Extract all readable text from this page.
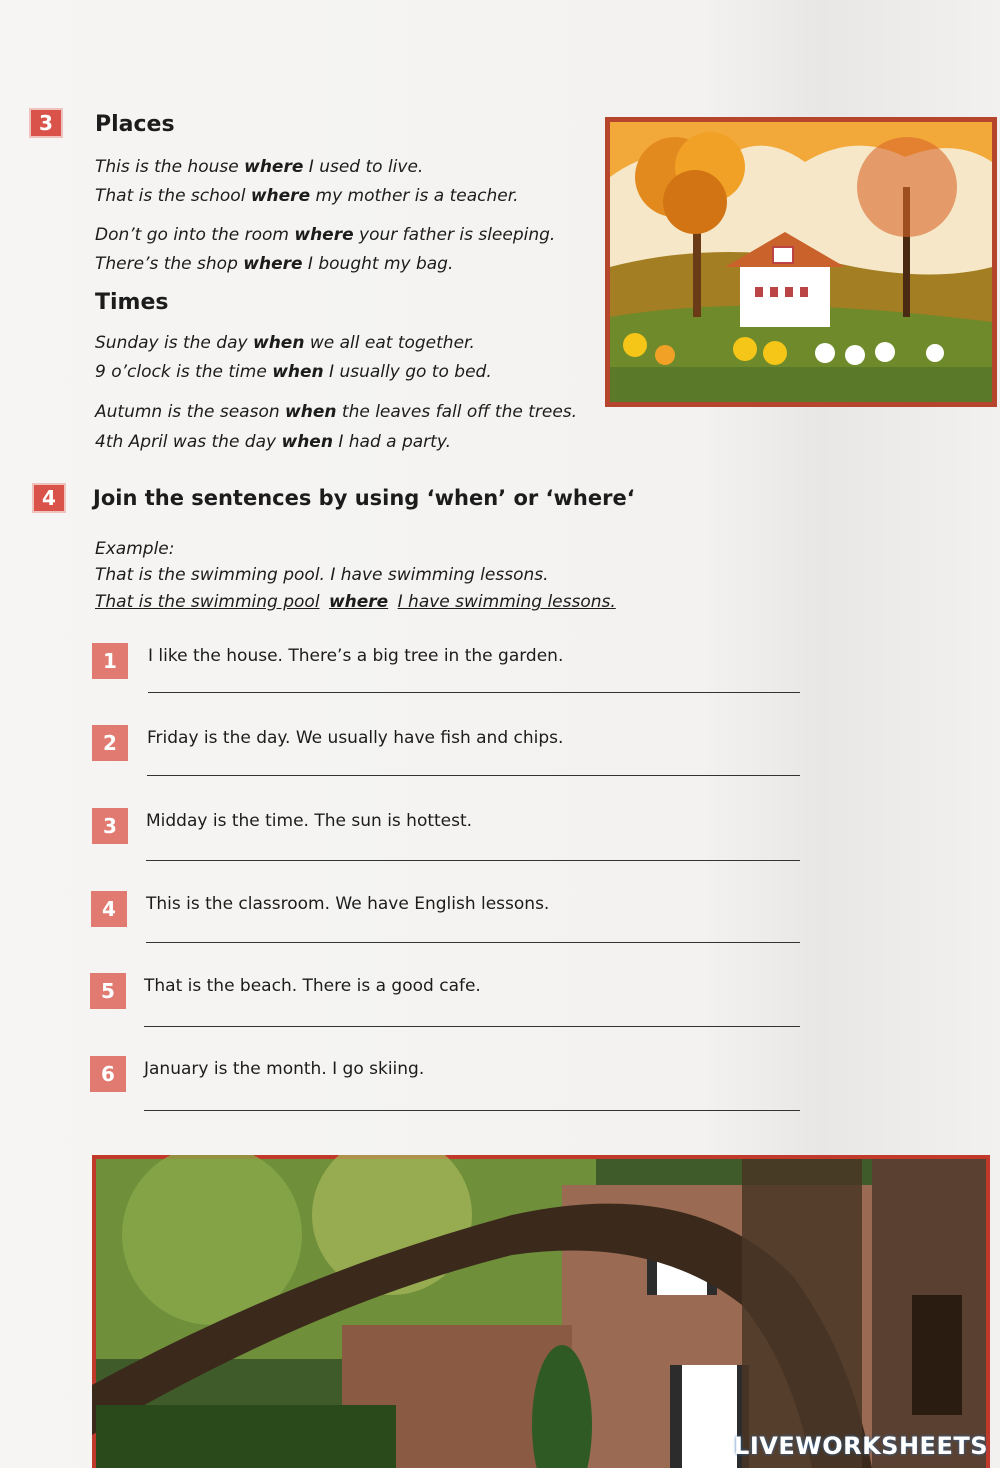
3	Places
This is the house where I used to live.
That is the school where my mother is a teacher.
Don’t go into the room where your father is sleeping.
There’s the shop where I bought my bag.
Times
Sunday is the day when we all eat together.
9 o’clock is the time when I usually go to bed.
Autumn is the season when the leaves fall off the trees.
4th April was the day when I had a party.
4	Join the sentences by using ‘when’ or ‘where‘
Example:
That is the swimming pool. I have swimming lessons.
That is the swimming pool where I have swimming lessons.
1	I like the house. There’s a big tree in the garden.
2	Friday is the day. We usually have fish and chips.
3	Midday is the time. The sun is hottest.
4	This is the classroom. We have English lessons.
5	That is the beach. There is a good cafe.
6	January is the month. I go skiing.
LIVEWORKSHEETS
